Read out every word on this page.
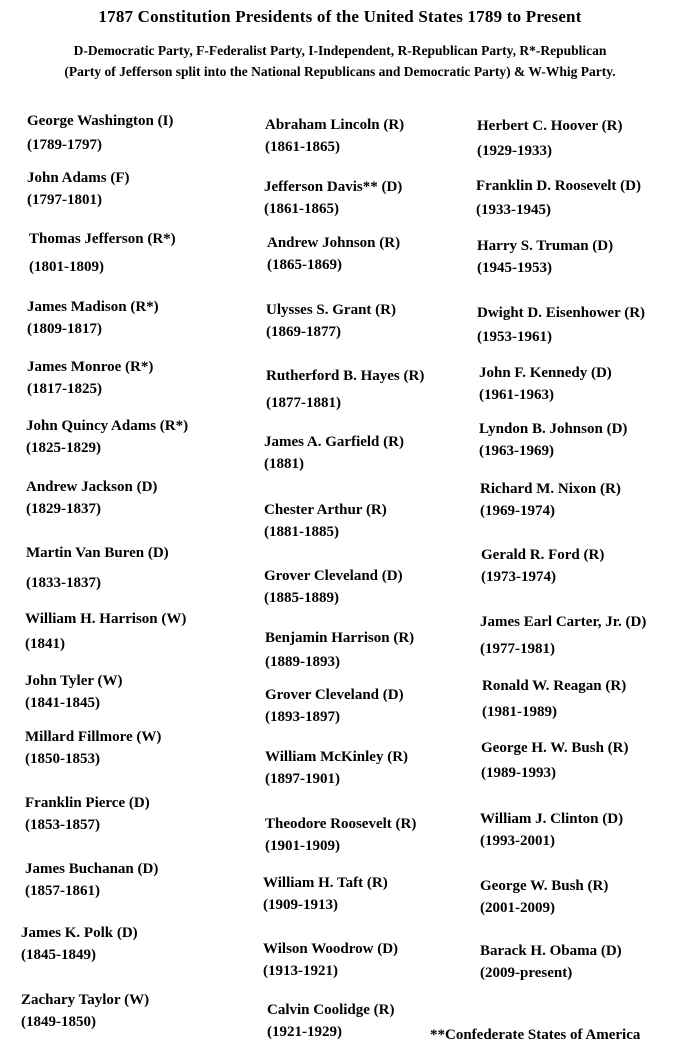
1787 Constitution Presidents of the United States 1789 to Present
D-Democratic Party, F-Federalist Party, I-Independent, R-Republican Party, R*-Republican
(Party of Jefferson split into the National Republicans and Democratic Party) & W-Whig Party.
George Washington (I)
(1789-1797)
John Adams (F)
(1797-1801)
Thomas Jefferson (R*)
(1801-1809)
James Madison (R*)
(1809-1817)
James Monroe (R*)
(1817-1825)
John Quincy Adams (R*)
(1825-1829)
Andrew Jackson (D)
(1829-1837)
Martin Van Buren (D)
(1833-1837)
William H. Harrison (W)
(1841)
John Tyler (W)
(1841-1845)
Millard Fillmore (W)
(1850-1853)
Franklin Pierce (D)
(1853-1857)
James Buchanan (D)
(1857-1861)
James K. Polk (D)
(1845-1849)
Zachary Taylor (W)
(1849-1850)
Abraham Lincoln (R)
(1861-1865)
Jefferson Davis** (D)
(1861-1865)
Andrew Johnson (R)
(1865-1869)
Ulysses S. Grant (R)
(1869-1877)
Rutherford B. Hayes (R)
(1877-1881)
James A. Garfield (R)
(1881)
Chester Arthur (R)
(1881-1885)
Grover Cleveland (D)
(1885-1889)
Benjamin Harrison (R)
(1889-1893)
Grover Cleveland (D)
(1893-1897)
William McKinley (R)
(1897-1901)
Theodore Roosevelt (R)
(1901-1909)
William H. Taft (R)
(1909-1913)
Wilson Woodrow (D)
(1913-1921)
Calvin Coolidge (R)
(1921-1929)
Herbert C. Hoover (R)
(1929-1933)
Franklin D. Roosevelt (D)
(1933-1945)
Harry S. Truman (D)
(1945-1953)
Dwight D. Eisenhower (R)
(1953-1961)
John F. Kennedy (D)
(1961-1963)
Lyndon B. Johnson (D)
(1963-1969)
Richard M. Nixon (R)
(1969-1974)
Gerald R. Ford (R)
(1973-1974)
James Earl Carter, Jr. (D)
(1977-1981)
Ronald W. Reagan (R)
(1981-1989)
George H. W. Bush (R)
(1989-1993)
William J. Clinton (D)
(1993-2001)
George W. Bush (R)
(2001-2009)
Barack H. Obama (D)
(2009-present)
**Confederate States of America
